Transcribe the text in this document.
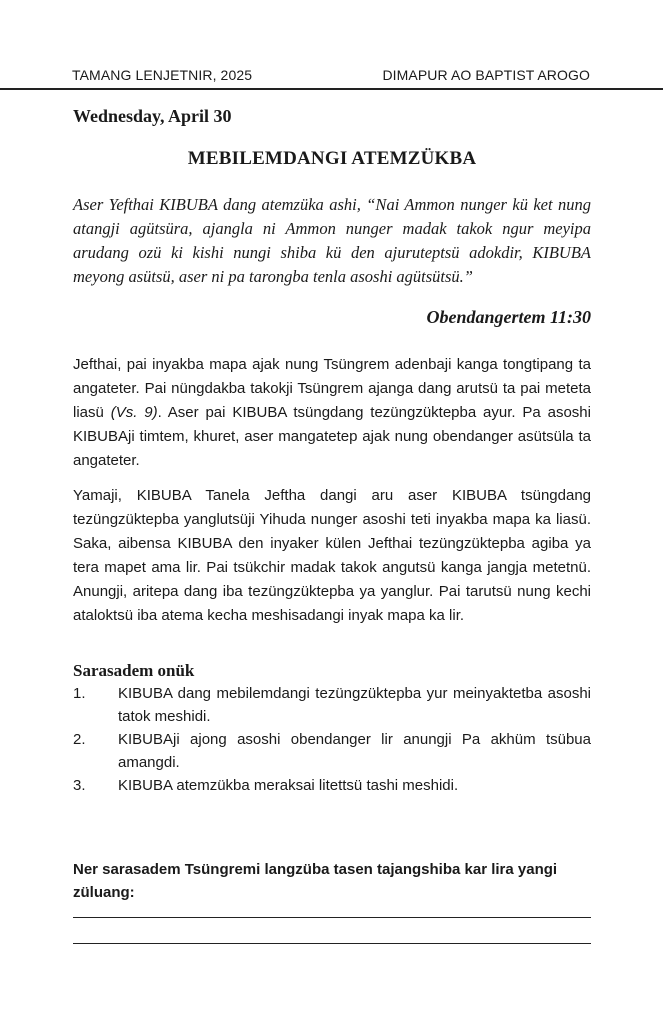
TAMANG LENJETNIR, 2025	DIMAPUR AO BAPTIST AROGO
Wednesday, April 30
MEBILEMDANGI ATEMZÜKBA
Aser Yefthai KIBUBA dang atemzüka ashi, “Nai Ammon nunger kü ket nung atangji agütsüra, ajangla ni Ammon nunger madak takok ngur meyipa arudang ozü ki kishi nungi shiba kü den ajuruteptsü adokdir, KIBUBA meyong asütsü, aser ni pa tarongba tenla asoshi agütsütsü.”
Obendangertem 11:30
Jefthai, pai inyakba mapa ajak nung Tsüngrem adenbaji kanga tongtipang ta angateter. Pai nüngdakba takokji Tsüngrem ajanga dang arutsü ta pai meteta liasü (Vs. 9). Aser pai KIBUBA tsüngdang tezüngzüktepba ayur. Pa asoshi KIBUBAji timtem, khuret, aser mangatetep ajak nung obendanger asütsüla ta angateter.
Yamaji, KIBUBA Tanela Jeftha dangi aru aser KIBUBA tsüngdang tezüngzüktepba yanglutsüji Yihuda nunger asoshi teti inyakba mapa ka liasü. Saka, aibensa KIBUBA den inyaker külen Jefthai tezüngzüktepba agiba ya tera mapet ama lir. Pai tsükchir madak takok angutsü kanga jangja metetnü. Anungji, aritepa dang iba tezüngzüktepba ya yanglur. Pai tarutsü nung kechi ataloktsü iba atema kecha meshisadangi inyak mapa ka lir.
Sarasadem onük
1.	KIBUBA dang mebilemdangi tezüngzüktepba yur meinyaktetba asoshi tatok meshidi.
2.	KIBUBAji ajong asoshi obendanger lir anungji Pa akhüm tsübua amangdi.
3.	KIBUBA atemzükba meraksai litettsü tashi meshidi.
Ner sarasadem Tsüngremi langzüba tasen tajangshiba kar lira yangi züluang:
